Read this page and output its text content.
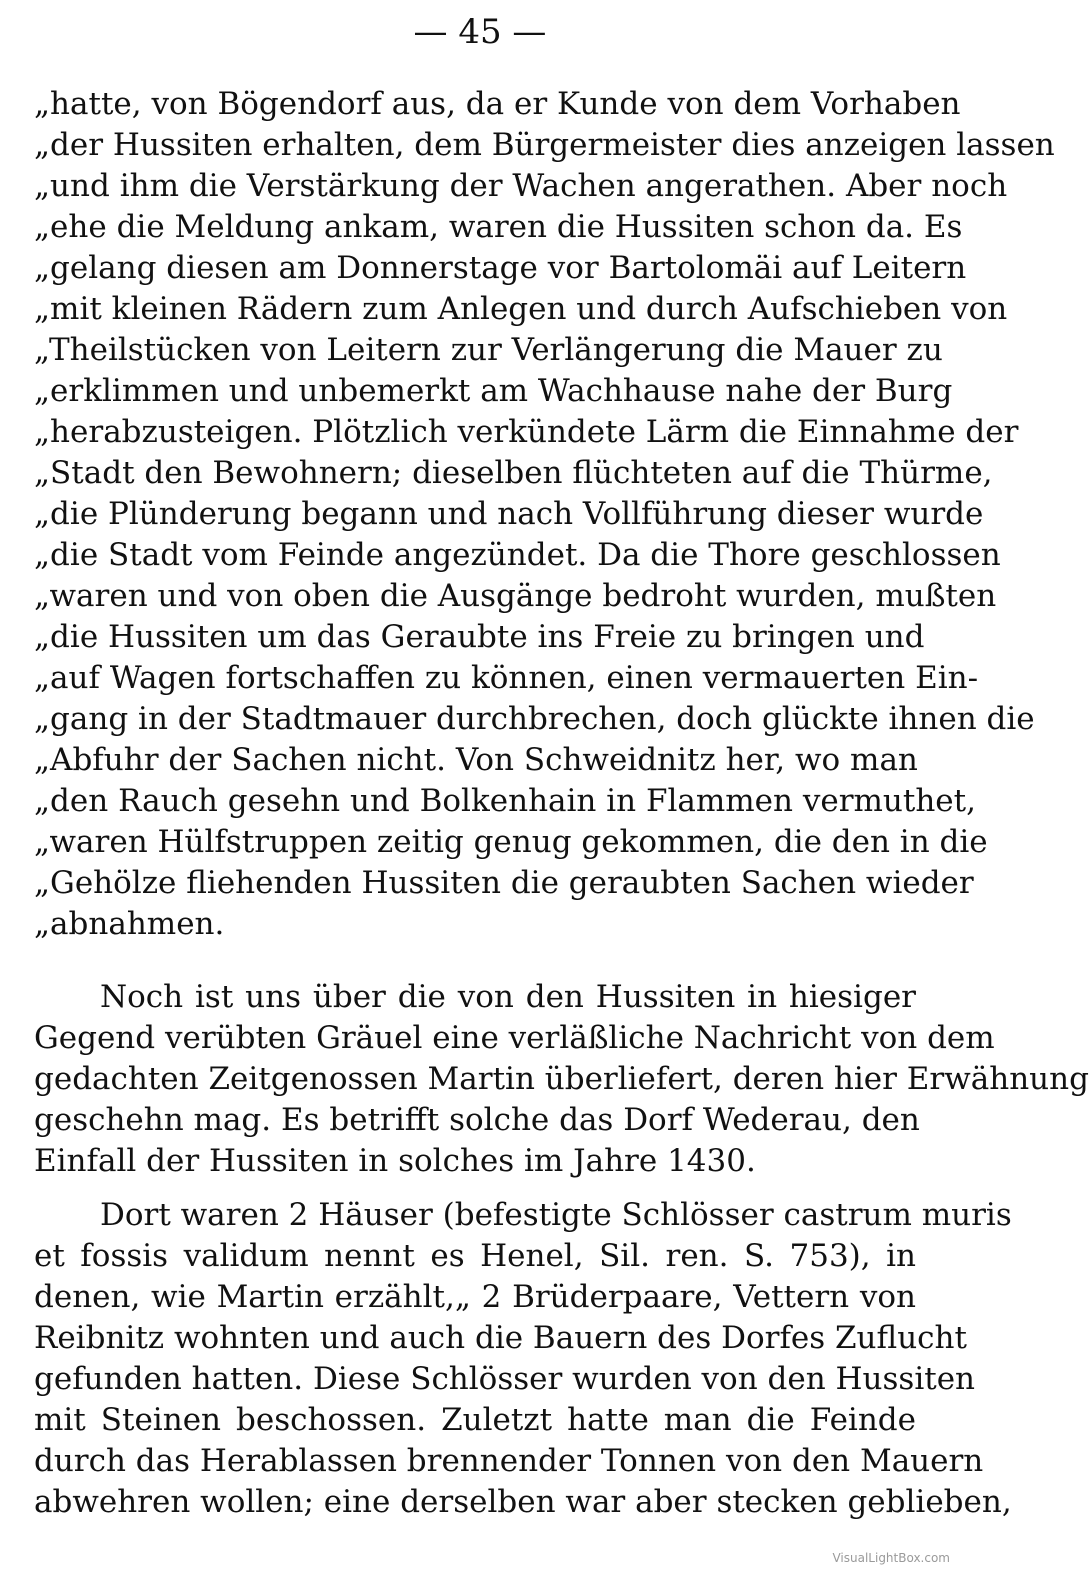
— 45 —
„hatte, von Bögendorf aus, da er Kunde von dem Vorhaben
„der Hussiten erhalten, dem Bürgermeister dies anzeigen lassen
„und ihm die Verstärkung der Wachen angerathen. Aber noch
„ehe die Meldung ankam, waren die Hussiten schon da. Es
„gelang diesen am Donnerstage vor Bartolomäi auf Leitern
„mit kleinen Rädern zum Anlegen und durch Aufschieben von
„Theilstücken von Leitern zur Verlängerung die Mauer zu
„erklimmen und unbemerkt am Wachhause nahe der Burg
„herabzusteigen. Plötzlich verkündete Lärm die Einnahme der
„Stadt den Bewohnern; dieselben flüchteten auf die Thürme,
„die Plünderung begann und nach Vollführung dieser wurde
„die Stadt vom Feinde angezündet. Da die Thore geschlossen
„waren und von oben die Ausgänge bedroht wurden, mußten
„die Hussiten um das Geraubte ins Freie zu bringen und
„auf Wagen fortschaffen zu können, einen vermauerten Ein-
„gang in der Stadtmauer durchbrechen, doch glückte ihnen die
„Abfuhr der Sachen nicht. Von Schweidnitz her, wo man
„den Rauch gesehn und Bolkenhain in Flammen vermuthet,
„waren Hülfstruppen zeitig genug gekommen, die den in die
„Gehölze fliehenden Hussiten die geraubten Sachen wieder
„abnahmen.
Noch ist uns über die von den Hussiten in hiesiger
Gegend verübten Gräuel eine verläßliche Nachricht von dem
gedachten Zeitgenossen Martin überliefert, deren hier Erwähnung
geschehn mag. Es betrifft solche das Dorf Wederau, den
Einfall der Hussiten in solches im Jahre 1430.
Dort waren 2 Häuser (befestigte Schlösser castrum muris
et fossis validum nennt es Henel, Sil. ren. S. 753), in
denen, wie Martin erzählt,„ 2 Brüderpaare, Vettern von
Reibnitz wohnten und auch die Bauern des Dorfes Zuflucht
gefunden hatten. Diese Schlösser wurden von den Hussiten
mit Steinen beschossen. Zuletzt hatte man die Feinde
durch das Herablassen brennender Tonnen von den Mauern
abwehren wollen; eine derselben war aber stecken geblieben,
VisualLightBox.com
